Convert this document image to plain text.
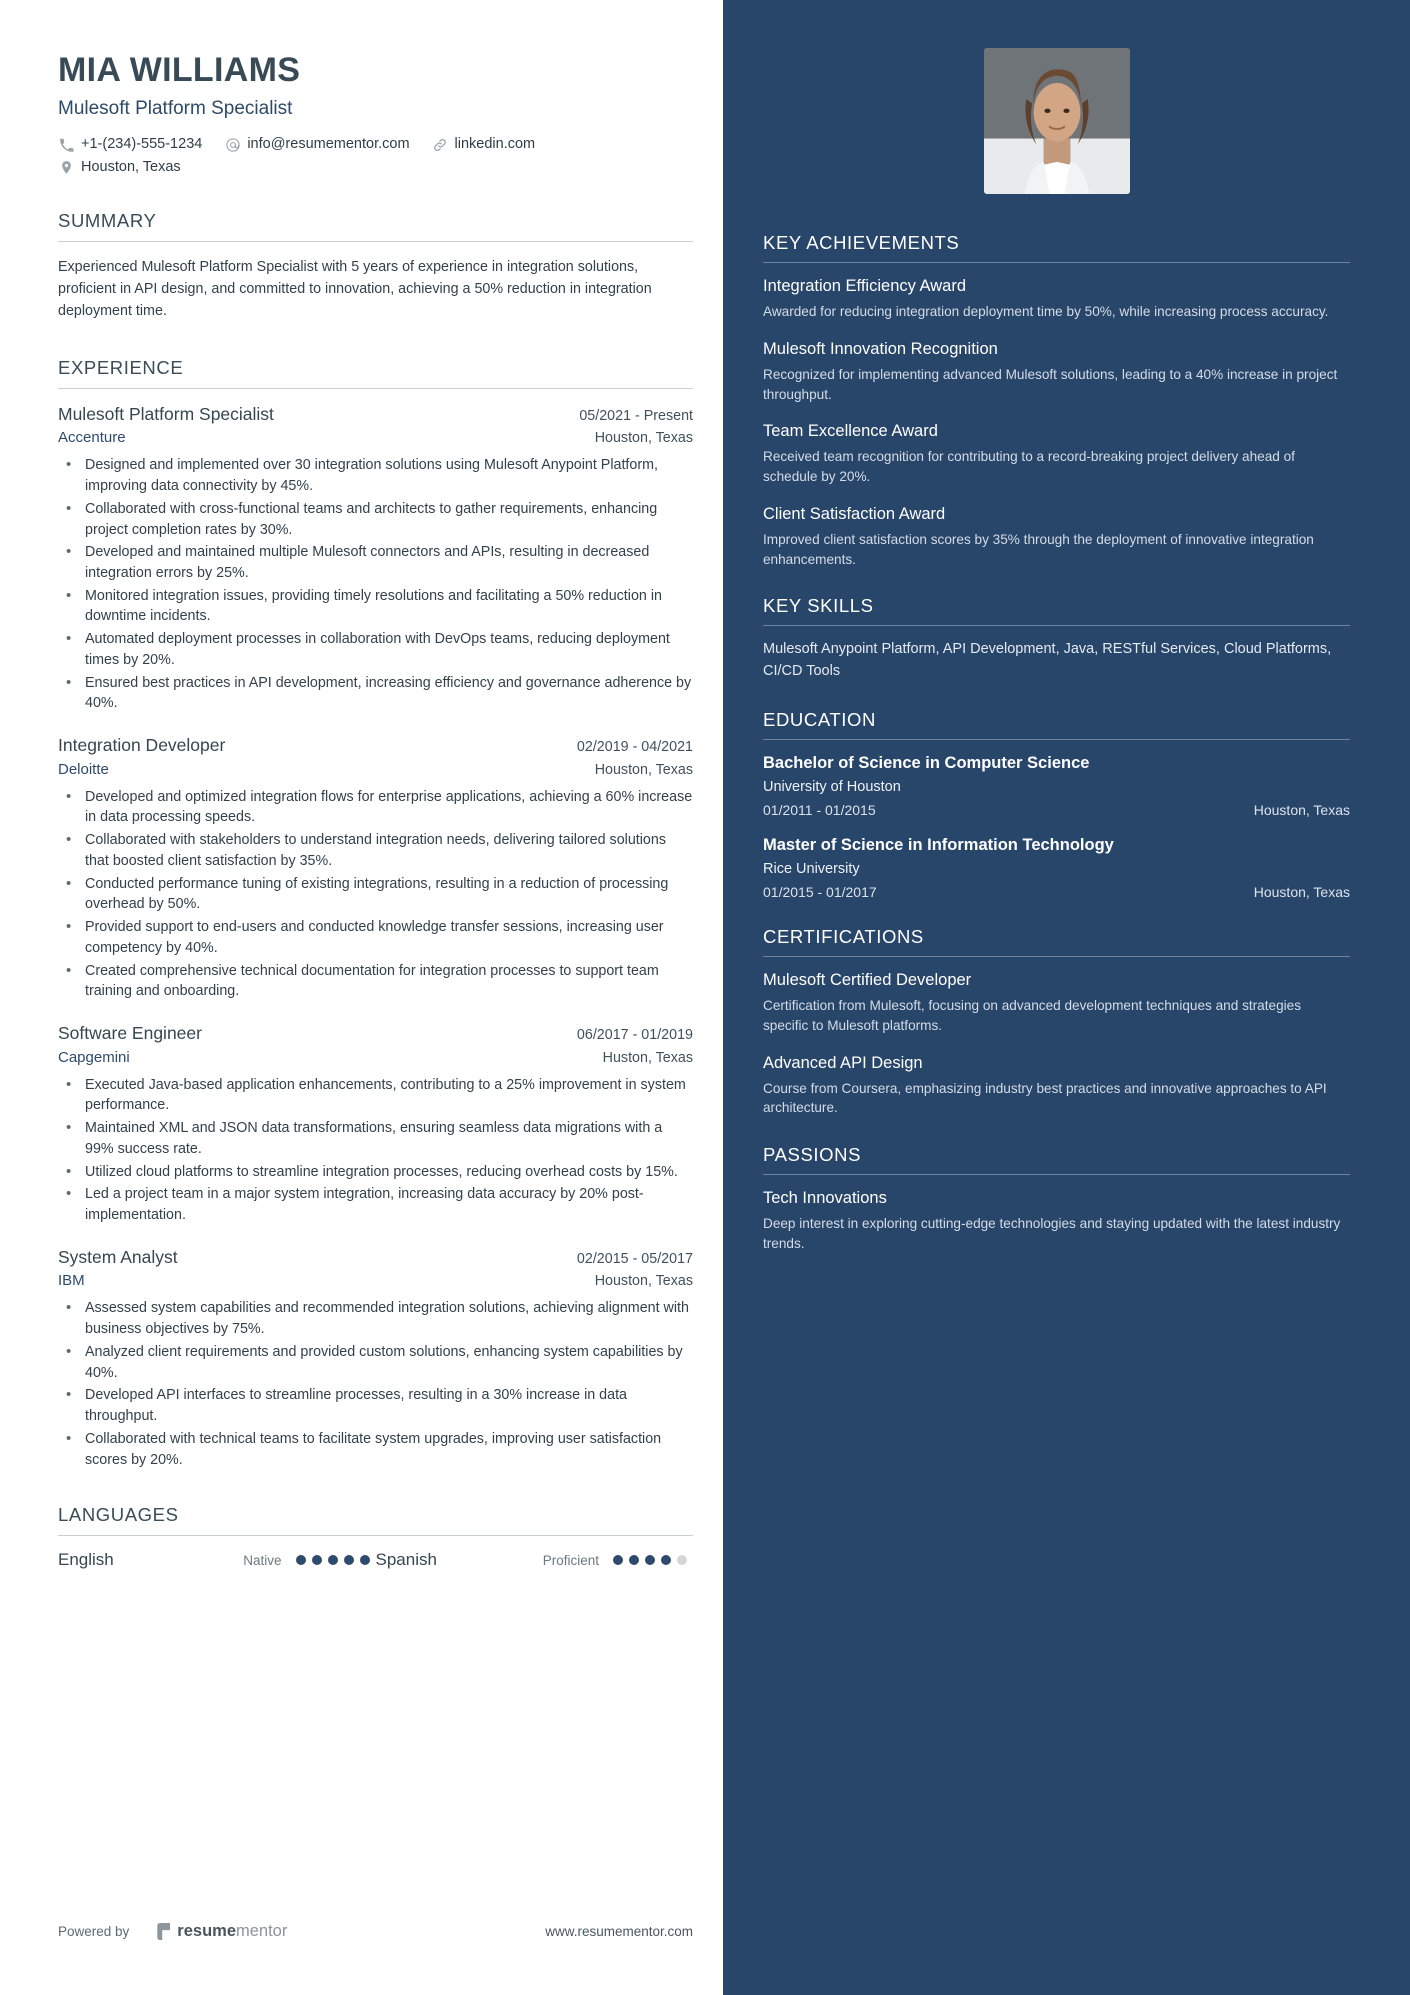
MIA WILLIAMS
Mulesoft Platform Specialist
+1-(234)-555-1234	info@resumementor.com	linkedin.com
Houston, Texas
SUMMARY
Experienced Mulesoft Platform Specialist with 5 years of experience in integration solutions, proficient in API design, and committed to innovation, achieving a 50% reduction in integration deployment time.
EXPERIENCE
Mulesoft Platform Specialist	05/2021 - Present
Accenture	Houston, Texas
• Designed and implemented over 30 integration solutions using Mulesoft Anypoint Platform, improving data connectivity by 45%.
• Collaborated with cross-functional teams and architects to gather requirements, enhancing project completion rates by 30%.
• Developed and maintained multiple Mulesoft connectors and APIs, resulting in decreased integration errors by 25%.
• Monitored integration issues, providing timely resolutions and facilitating a 50% reduction in downtime incidents.
• Automated deployment processes in collaboration with DevOps teams, reducing deployment times by 20%.
• Ensured best practices in API development, increasing efficiency and governance adherence by 40%.
Integration Developer	02/2019 - 04/2021
Deloitte	Houston, Texas
• Developed and optimized integration flows for enterprise applications, achieving a 60% increase in data processing speeds.
• Collaborated with stakeholders to understand integration needs, delivering tailored solutions that boosted client satisfaction by 35%.
• Conducted performance tuning of existing integrations, resulting in a reduction of processing overhead by 50%.
• Provided support to end-users and conducted knowledge transfer sessions, increasing user competency by 40%.
• Created comprehensive technical documentation for integration processes to support team training and onboarding.
Software Engineer	06/2017 - 01/2019
Capgemini	Huston, Texas
• Executed Java-based application enhancements, contributing to a 25% improvement in system performance.
• Maintained XML and JSON data transformations, ensuring seamless data migrations with a 99% success rate.
• Utilized cloud platforms to streamline integration processes, reducing overhead costs by 15%.
• Led a project team in a major system integration, increasing data accuracy by 20% post-implementation.
System Analyst	02/2015 - 05/2017
IBM	Houston, Texas
• Assessed system capabilities and recommended integration solutions, achieving alignment with business objectives by 75%.
• Analyzed client requirements and provided custom solutions, enhancing system capabilities by 40%.
• Developed API interfaces to streamline processes, resulting in a 30% increase in data throughput.
• Collaborated with technical teams to facilitate system upgrades, improving user satisfaction scores by 20%.
LANGUAGES
English	Native	Spanish	Proficient
Powered by	resume mentor	www.resumementor.com
KEY ACHIEVEMENTS
Integration Efficiency Award
Awarded for reducing integration deployment time by 50%, while increasing process accuracy.
Mulesoft Innovation Recognition
Recognized for implementing advanced Mulesoft solutions, leading to a 40% increase in project throughput.
Team Excellence Award
Received team recognition for contributing to a record-breaking project delivery ahead of schedule by 20%.
Client Satisfaction Award
Improved client satisfaction scores by 35% through the deployment of innovative integration enhancements.
KEY SKILLS
Mulesoft Anypoint Platform, API Development, Java, RESTful Services, Cloud Platforms, CI/CD Tools
EDUCATION
Bachelor of Science in Computer Science
University of Houston
01/2011 - 01/2015	Houston, Texas
Master of Science in Information Technology
Rice University
01/2015 - 01/2017	Houston, Texas
CERTIFICATIONS
Mulesoft Certified Developer
Certification from Mulesoft, focusing on advanced development techniques and strategies specific to Mulesoft platforms.
Advanced API Design
Course from Coursera, emphasizing industry best practices and innovative approaches to API architecture.
PASSIONS
Tech Innovations
Deep interest in exploring cutting-edge technologies and staying updated with the latest industry trends.
